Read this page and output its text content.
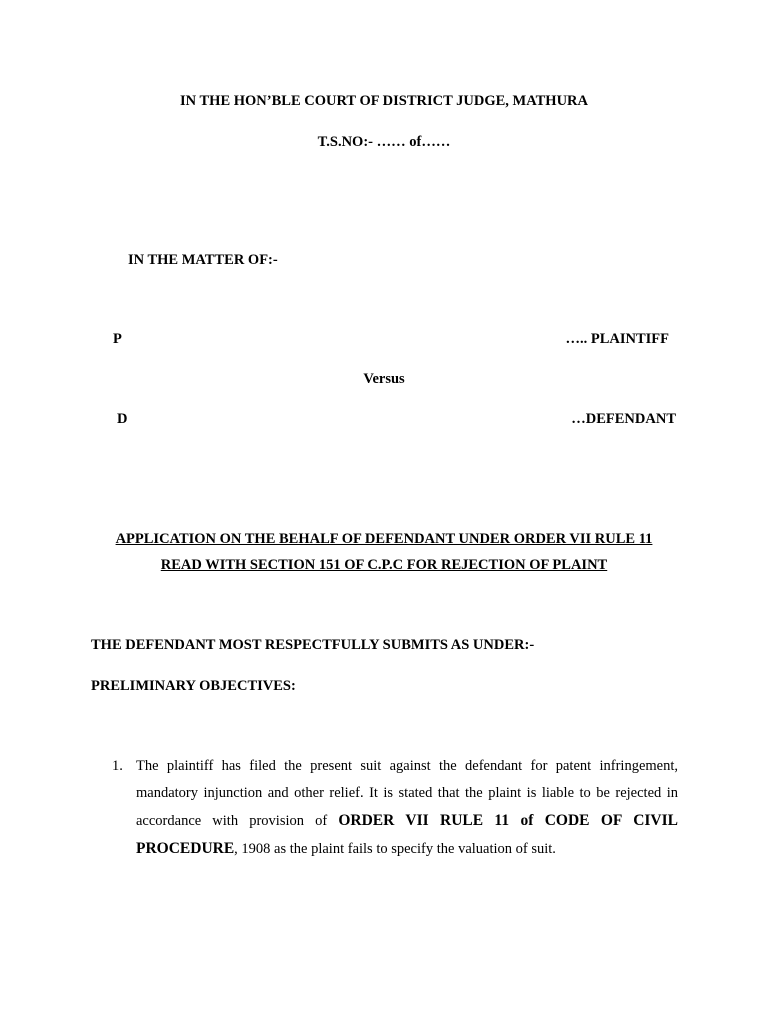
IN THE HON’BLE COURT OF DISTRICT JUDGE, MATHURA
T.S.NO:- …… of……
IN THE MATTER OF:-
P	….. PLAINTIFF
Versus
D	…DEFENDANT
APPLICATION ON THE BEHALF OF DEFENDANT UNDER ORDER VII RULE 11
READ WITH SECTION 151 OF C.P.C FOR REJECTION OF PLAINT
THE DEFENDANT MOST RESPECTFULLY SUBMITS AS UNDER:-
PRELIMINARY OBJECTIVES:
1. The plaintiff has filed the present suit against the defendant for patent infringement, mandatory injunction and other relief. It is stated that the plaint is liable to be rejected in accordance with provision of ORDER VII RULE 11 of CODE OF CIVIL PROCEDURE, 1908 as the plaint fails to specify the valuation of suit.
